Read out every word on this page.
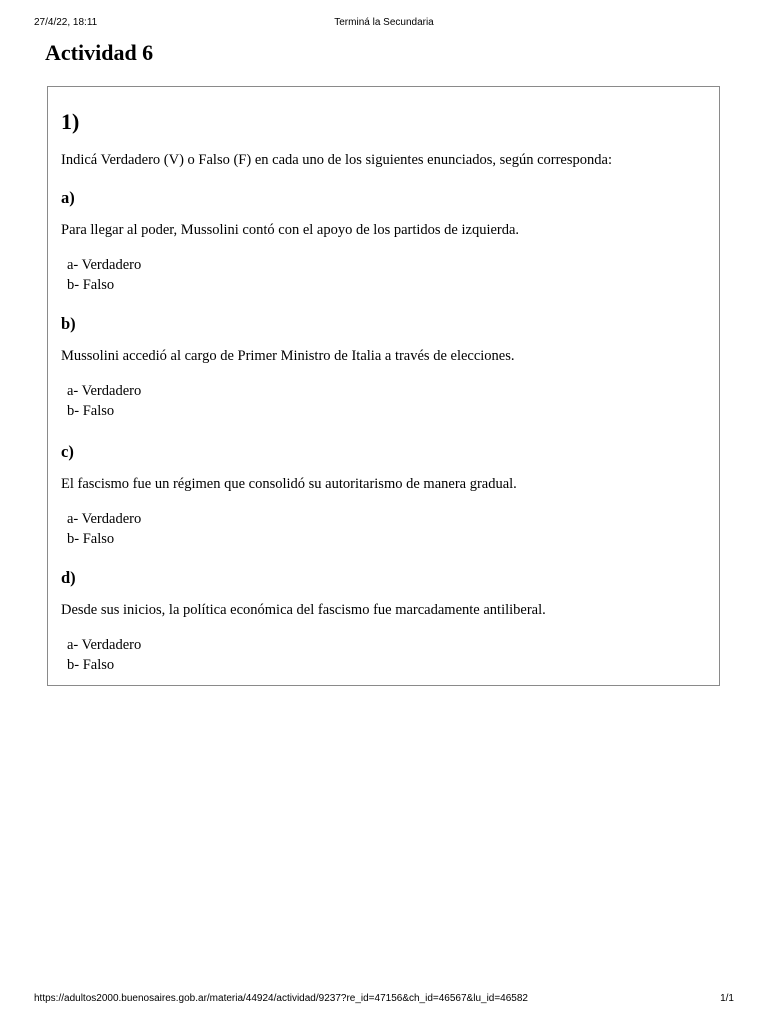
27/4/22, 18:11	Terminá la Secundaria
Actividad 6
1)

Indicá Verdadero (V) o Falso (F) en cada uno de los siguientes enunciados, según corresponda:

a)

Para llegar al poder, Mussolini contó con el apoyo de los partidos de izquierda.

a- Verdadero
b- Falso
b)

Mussolini accedió al cargo de Primer Ministro de Italia a través de elecciones.

a- Verdadero
b- Falso
c)

El fascismo fue un régimen que consolidó su autoritarismo de manera gradual.

a- Verdadero
b- Falso
d)

Desde sus inicios, la política económica del fascismo fue marcadamente antiliberal.

a- Verdadero
b- Falso
https://adultos2000.buenosaires.gob.ar/materia/44924/actividad/9237?re_id=47156&ch_id=46567&lu_id=46582	1/1
